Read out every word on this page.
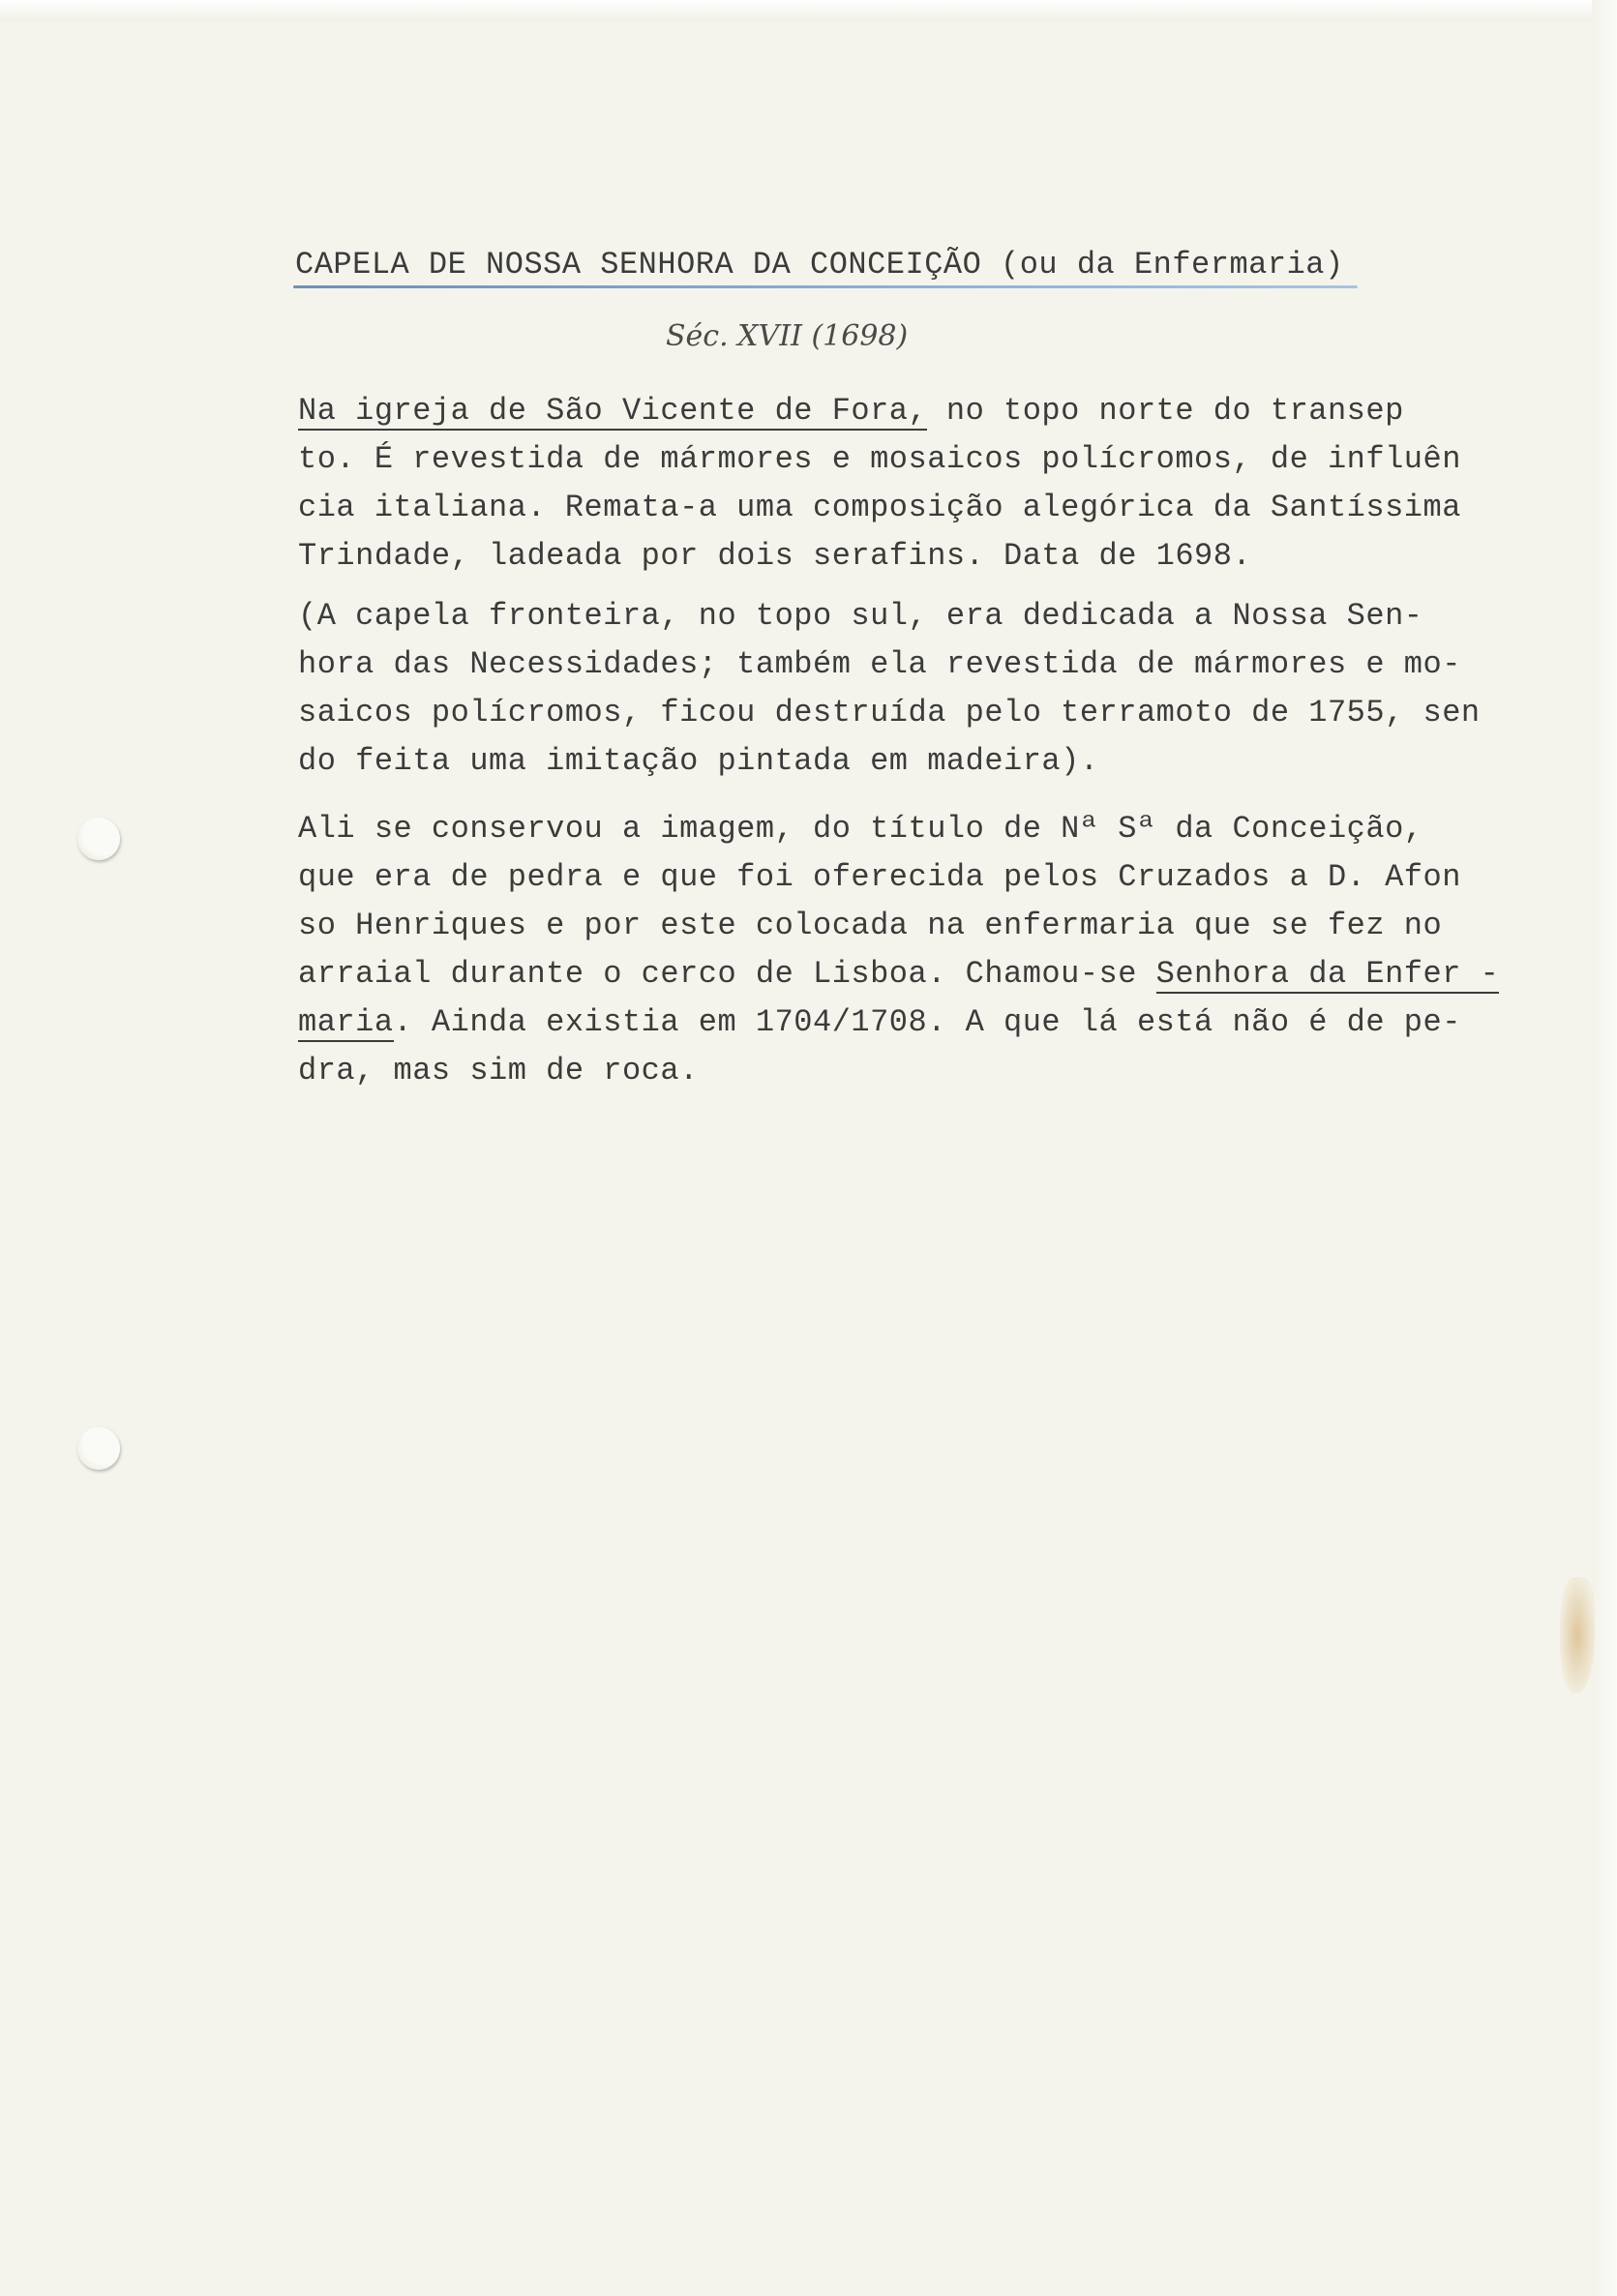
CAPELA DE NOSSA SENHORA DA CONCEIÇÃO (ou da Enfermaria)

Séc. XVII (1698)

Na igreja de São Vicente de Fora, no topo norte do transep
to. É revestida de mármores e mosaicos polícromos, de influên
cia italiana. Remata-a uma composição alegórica da Santíssima
Trindade, ladeada por dois serafins. Data de 1698.

(A capela fronteira, no topo sul, era dedicada a Nossa Sen-
hora das Necessidades; também ela revestida de mármores e mo-
saicos polícromos, ficou destruída pelo terramoto de 1755, sen
do feita uma imitação pintada em madeira).

Ali se conservou a imagem, do título de Nª Sª da Conceição,
que era de pedra e que foi oferecida pelos Cruzados a D. Afon
so Henriques e por este colocada na enfermaria que se fez no
arraial durante o cerco de Lisboa. Chamou-se Senhora da Enfer -
maria. Ainda existia em 1704/1708. A que lá está não é de pe-
dra, mas sim de roca.
